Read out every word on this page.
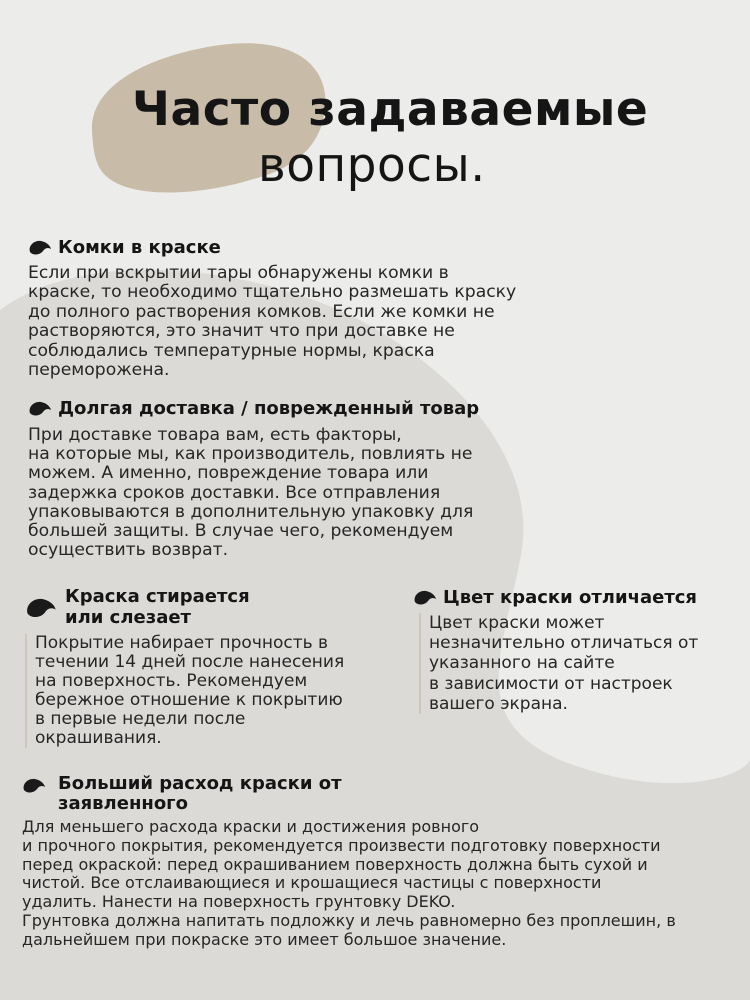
Часто задаваемые
вопросы.
Комки в краске
Если при вскрытии тары обнаружены комки в
краске, то необходимо тщательно размешать краску
до полного растворения комков. Если же комки не
растворяются, это значит что при доставке не
соблюдались температурные нормы, краска
перемороженa.
Долгая доставка / поврежденный товар
При доставке товара вам, есть факторы,
на которые мы, как производитель, повлиять не
можем. А именно, повреждение товара или
задержка сроков доставки. Все отправления
упаковываются в дополнительную упаковку для
большей защиты. В случае чего, рекомендуем
осуществить возврат.
Краска стирается
или слезает
Покрытие набирает прочность в
течении 14 дней после нанесения
на поверхность. Рекомендуем
бережное отношение к покрытию
в первые недели после
окрашивания.
Цвет краски отличается
Цвет краски может
незначительно отличаться от
указанного на сайте
в зависимости от настроек
вашего экрана.
Больший расход краски от
заявленного
Для меньшего расхода краски и достижения ровного
и прочного покрытия, рекомендуется произвести подготовку поверхности
перед окраской: перед окрашиванием поверхность должна быть сухой и
чистой. Все отслаивающиеся и крошащиеся частицы с поверхности
удалить. Нанести на поверхность грунтовку DEKO.
Грунтовка должна напитать подложку и лечь равномерно без проплешин, в
дальнейшем при покраске это имеет большое значение.
